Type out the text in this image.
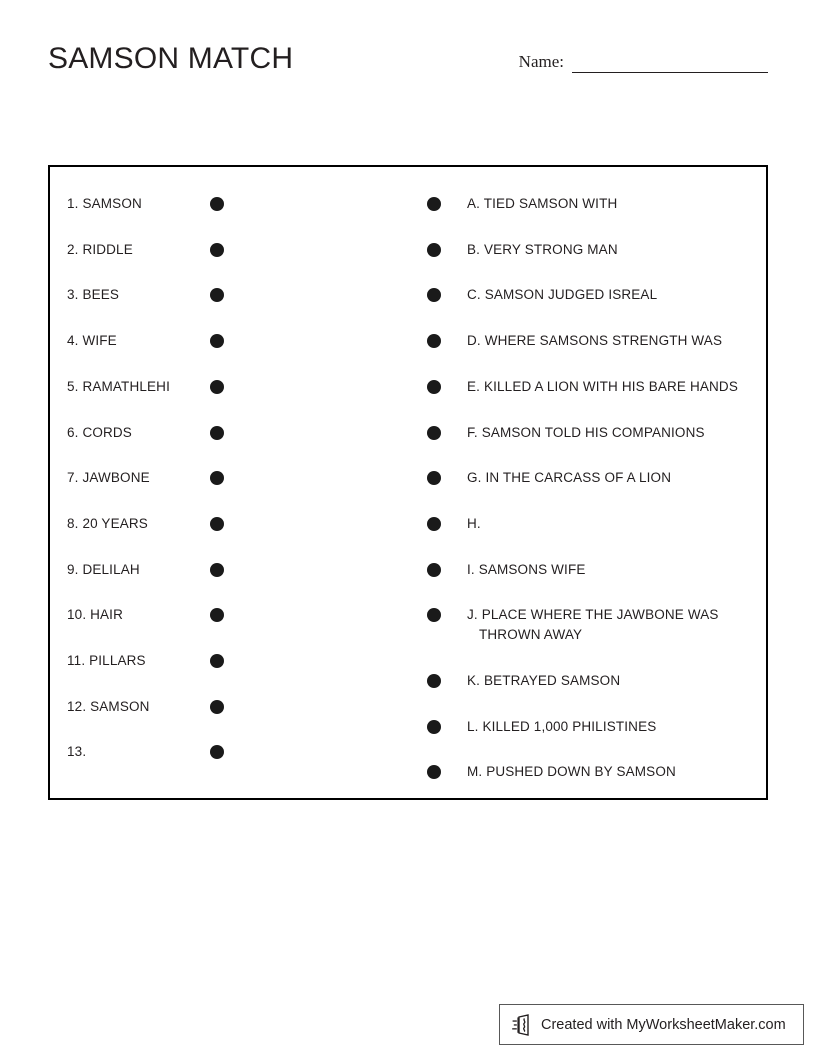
SAMSON MATCH	Name:
1. SAMSON
2. RIDDLE
3. BEES
4. WIFE
5. RAMATHLEHI
6. CORDS
7. JAWBONE
8. 20 YEARS
9. DELILAH
10. HAIR
11. PILLARS
12. SAMSON
13.
A. TIED SAMSON WITH
B. VERY STRONG MAN
C. SAMSON JUDGED ISREAL
D. WHERE SAMSONS STRENGTH WAS
E. KILLED A LION WITH HIS BARE HANDS
F. SAMSON TOLD HIS COMPANIONS
G. IN THE CARCASS OF A LION
H.
I. SAMSONS WIFE
J. PLACE WHERE THE JAWBONE WAS
THROWN AWAY
K. BETRAYED SAMSON
L. KILLED 1,000 PHILISTINES
M. PUSHED DOWN BY SAMSON
Created with MyWorksheetMaker.com
